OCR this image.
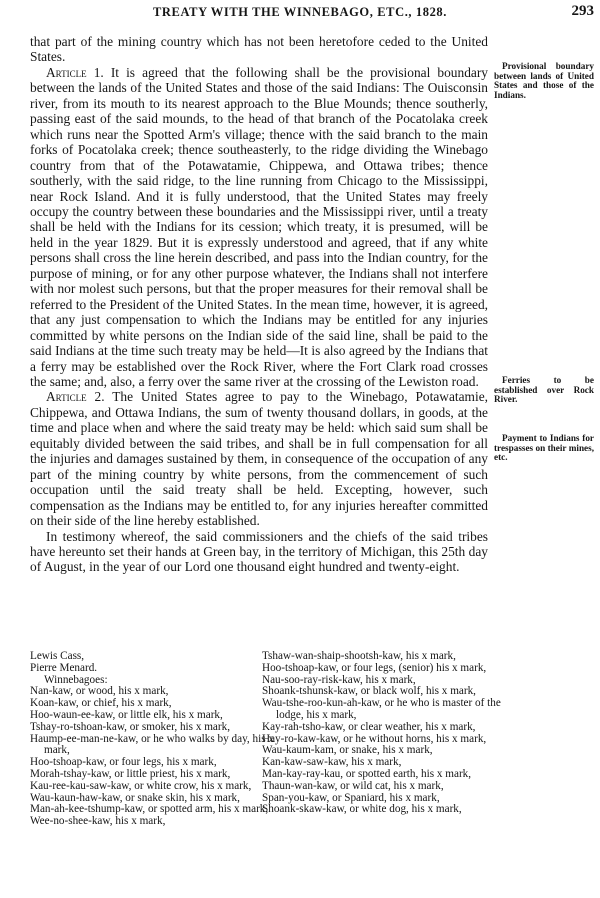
TREATY WITH THE WINNEBAGO, ETC., 1828.	293

that part of the mining country which has not been heretofore ceded to the United States.

Article 1. It is agreed that the following shall be the provisional boundary between the lands of the United States and those of the said Indians: The Ouisconsin river, from its mouth to its nearest approach to the Blue Mounds; thence southerly, passing east of the said mounds, to the head of that branch of the Pocatolaka creek which runs near the Spotted Arm's village; thence with the said branch to the main forks of Pocatolaka creek; thence southeasterly, to the ridge dividing the Winebago country from that of the Potawatamie, Chippewa, and Ottawa tribes; thence southerly, with the said ridge, to the line running from Chicago to the Mississippi, near Rock Island. And it is fully understood, that the United States may freely occupy the country between these boundaries and the Mississippi river, until a treaty shall be held with the Indians for its cession; which treaty, it is presumed, will be held in the year 1829. But it is expressly understood and agreed, that if any white persons shall cross the line herein described, and pass into the Indian country, for the purpose of mining, or for any other purpose whatever, the Indians shall not interfere with nor molest such persons, but that the proper measures for their removal shall be referred to the President of the United States. In the mean time, however, it is agreed, that any just compensation to which the Indians may be entitled for any injuries committed by white persons on the Indian side of the said line, shall be paid to the said Indians at the time such treaty may be held—It is also agreed by the Indians that a ferry may be established over the Rock River, where the Fort Clark road crosses the same; and, also, a ferry over the same river at the crossing of the Lewiston road.

Article 2. The United States agree to pay to the Winebago, Potawatamie, Chippewa, and Ottawa Indians, the sum of twenty thousand dollars, in goods, at the time and place when and where the said treaty may be held: which said sum shall be equitably divided between the said tribes, and shall be in full compensation for all the injuries and damages sustained by them, in consequence of the occupation of any part of the mining country by white persons, from the commencement of such occupation until the said treaty shall be held. Excepting, however, such compensation as the Indians may be entitled to, for any injuries hereafter committed on their side of the line hereby established.

In testimony whereof, the said commissioners and the chiefs of the said tribes have hereunto set their hands at Green bay, in the territory of Michigan, this 25th day of August, in the year of our Lord one thousand eight hundred and twenty-eight.

Provisional boundary between lands of United States and those of the Indians.
Ferries to be established over Rock River.
Payment to Indians for trespasses on their mines, etc.

Lewis Cass,

Pierre Menard.

Winnebagoes:

Nan-kaw, or wood, his x mark,

Koan-kaw, or chief, his x mark,

Hoo-waun-ee-kaw, or little elk, his x mark,

Tshay-ro-tshoan-kaw, or smoker, his x mark,

Haump-ee-man-ne-kaw, or he who walks by day, his x mark,

Hoo-tshoap-kaw, or four legs, his x mark,

Morah-tshay-kaw, or little priest, his x mark,

Kau-ree-kau-saw-kaw, or white crow, his x mark,

Wau-kaun-haw-kaw, or snake skin, his x mark,

Man-ah-kee-tshump-kaw, or spotted arm, his x mark,

Wee-no-shee-kaw, his x mark,

Tshaw-wan-shaip-shootsh-kaw, his x mark,

Hoo-tshoap-kaw, or four legs, (senior) his x mark,

Nau-soo-ray-risk-kaw, his x mark,

Shoank-tshunsk-kaw, or black wolf, his x mark,

Wau-tshe-roo-kun-ah-kaw, or he who is master of the lodge, his x mark,

Kay-rah-tsho-kaw, or clear weather, his x mark,

Hay-ro-kaw-kaw, or he without horns, his x mark,

Wau-kaum-kam, or snake, his x mark,

Kan-kaw-saw-kaw, his x mark,

Man-kay-ray-kau, or spotted earth, his x mark,

Thaun-wan-kaw, or wild cat, his x mark,

Span-you-kaw, or Spaniard, his x mark,

Shoank-skaw-kaw, or white dog, his x mark,
